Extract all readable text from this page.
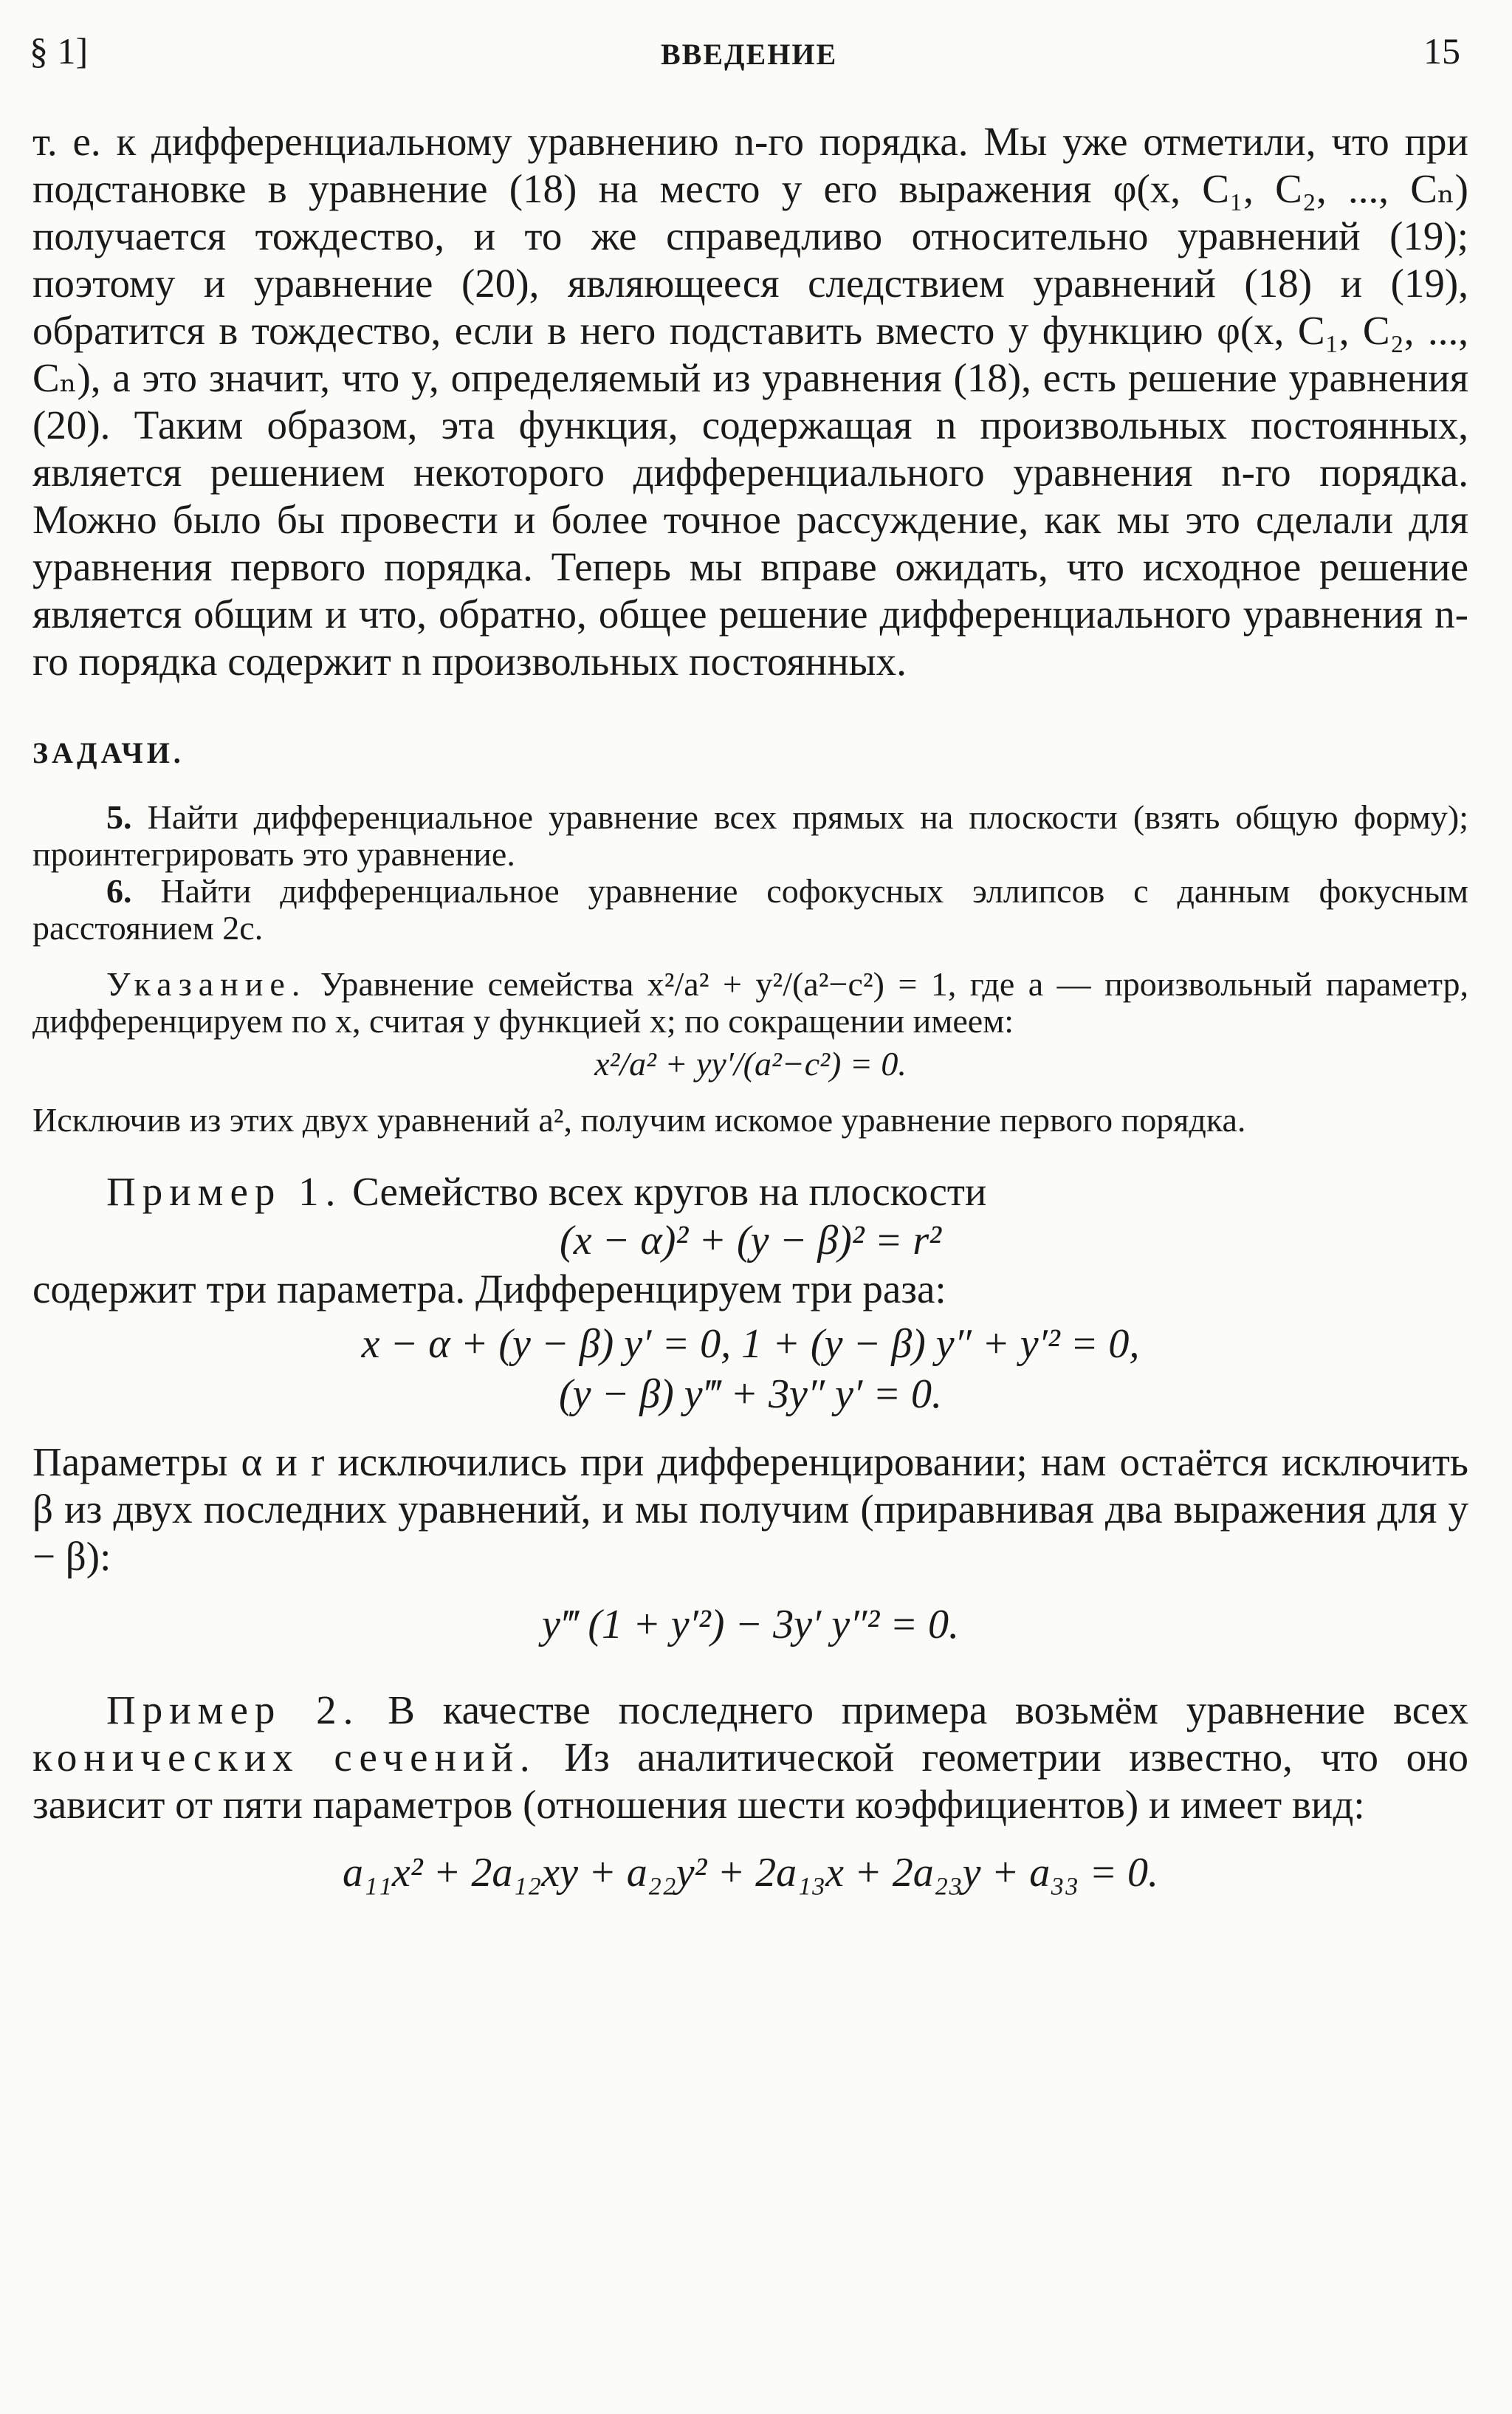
§ 1]	ВВЕДЕНИЕ	15

т. е. к дифференциальному уравнению n-го порядка. Мы уже отметили, что при подстановке в уравнение (18) на место y его выражения φ(x, C₁, C₂, ..., Cₙ) получается тождество, и то же справедливо относительно уравнений (19); поэтому и уравнение (20), являющееся следствием уравнений (18) и (19), обратится в тождество, если в него подставить вместо y функцию φ(x, C₁, C₂, ..., Cₙ), а это значит, что y, определяемый из уравнения (18), есть решение уравнения (20). Таким образом, эта функция, содержащая n произвольных постоянных, является решением некоторого дифференциального уравнения n-го порядка. Можно было бы провести и более точное рассуждение, как мы это сделали для уравнения первого порядка. Теперь мы вправе ожидать, что исходное решение является общим и что, обратно, общее решение дифференциального уравнения n-го порядка содержит n произвольных постоянных.

ЗАДАЧИ.

5. Найти дифференциальное уравнение всех прямых на плоскости (взять общую форму); проинтегрировать это уравнение.

6. Найти дифференциальное уравнение софокусных эллипсов с данным фокусным расстоянием 2c.

Указание. Уравнение семейства x²/a² + y²/(a²−c²) = 1, где a — произвольный параметр, дифференцируем по x, считая y функцией x; по сокращении имеем:

x²/a² + yy′/(a²−c²) = 0.

Исключив из этих двух уравнений a², получим искомое уравнение первого порядка.

Пример 1. Семейство всех кругов на плоскости

(x − α)² + (y − β)² = r²

содержит три параметра. Дифференцируем три раза:

x − α + (y − β) y′ = 0, 1 + (y − β) y″ + y′² = 0,
(y − β) y‴ + 3y″ y′ = 0.

Параметры α и r исключились при дифференцировании; нам остаётся исключить β из двух последних уравнений, и мы получим (приравнивая два выражения для y − β):

y‴ (1 + y′²) − 3y′ y″² = 0.

Пример 2. В качестве последнего примера возьмём уравнение всех конических сечений. Из аналитической геометрии известно, что оно зависит от пяти параметров (отношения шести коэффициентов) и имеет вид:

a₁₁x² + 2a₁₂xy + a₂₂y² + 2a₁₃x + 2a₂₃y + a₃₃ = 0.
